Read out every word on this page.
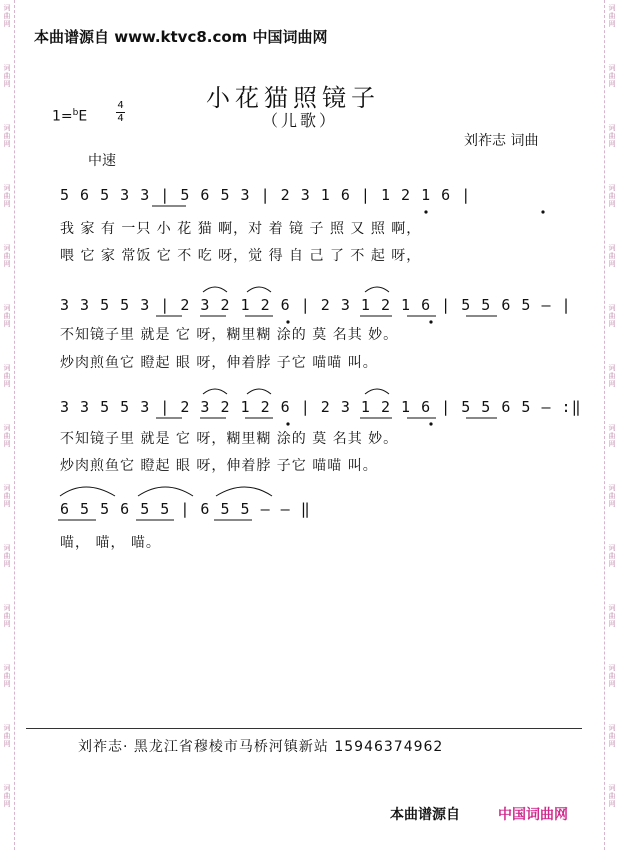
词
曲
网
词
曲
网
词
曲
网
词
曲
网
词
曲
网
词
曲
网
词
曲
网
词
曲
网
词
曲
网
词
曲
网
词
曲
网
词
曲
网
词
曲
网
词
曲
网
词
曲
网
词
曲
网
词
曲
网
词
曲
网
词
曲
网
词
曲
网
词
曲
网
词
曲
网
词
曲
网
词
曲
网
词
曲
网
词
曲
网
词
曲
网
词
曲
网
本曲谱源自 www.ktvc8.com 中国词曲网
小花猫照镜子
（儿歌）
1=$^b$E
4
4
刘祚志 词曲
中速
5 6 5 3 3 | 5 6 5 3 | 2 3 1 6 | 1 2 1 6 |
我 家 有 一只 小 花 猫 啊，对 着 镜 子 照 又 照 啊，
喂 它 家 常饭 它 不 吃 呀，觉 得 自 己 了 不 起 呀，
3 3 5 5 3 | 2 3 2 1 2 6 | 2 3 1 2 1 6 | 5 5 6 5 — |
不知镜子里 就是 它 呀，糊里糊 涂的 莫 名其 妙。
炒肉煎鱼它 瞪起 眼 呀，伸着脖 子它 喵喵 叫。
3 3 5 5 3 | 2 3 2 1 2 6 | 2 3 1 2 1 6 | 5 5 6 5 — :‖
不知镜子里 就是 它 呀，糊里糊 涂的 莫 名其 妙。
炒肉煎鱼它 瞪起 眼 呀，伸着脖 子它 喵喵 叫。
6 5 5 6 5 5 | 6 5 5 — — ‖
喵， 喵， 喵。
刘祚志· 黑龙江省穆棱市马桥河镇新站 15946374962
本曲谱源自	中国词曲网
